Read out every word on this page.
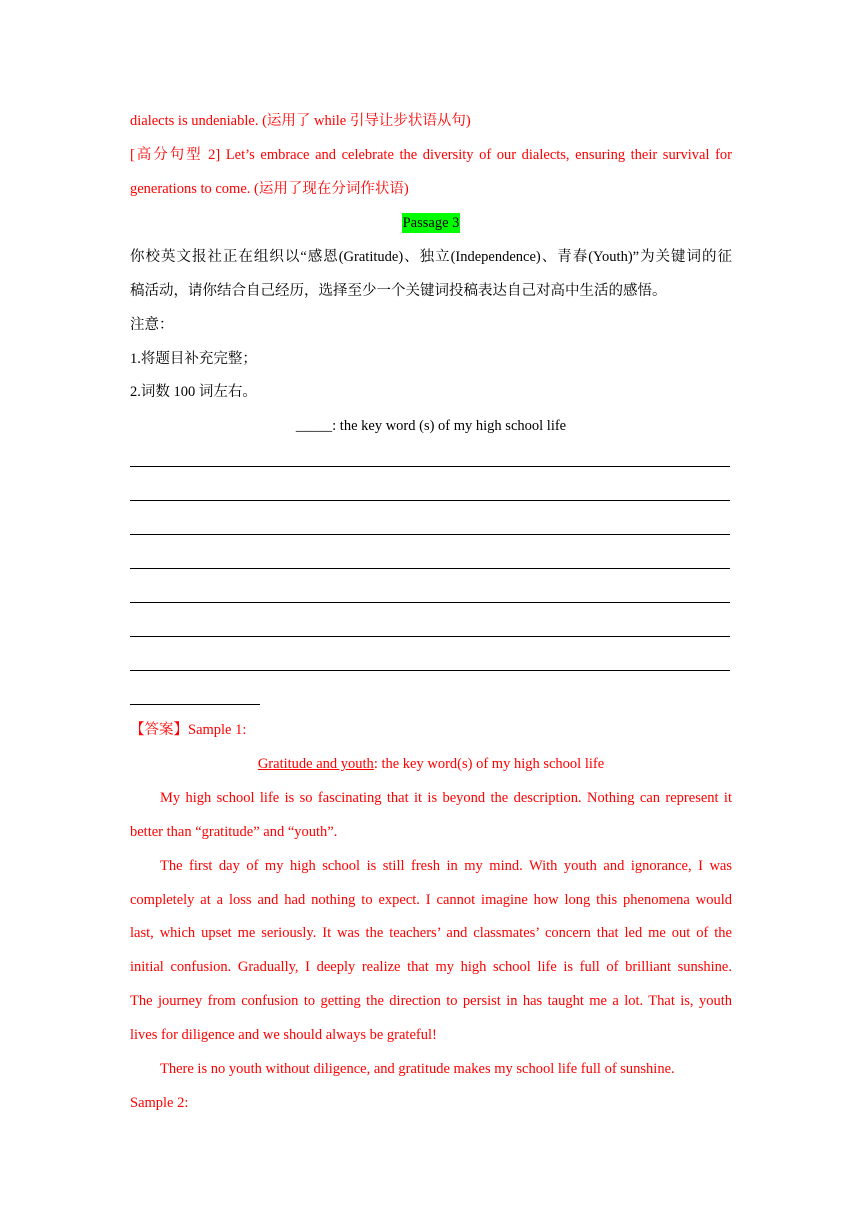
dialects is undeniable. (运用了 while 引导让步状语从句)
[高分句型 2] Let’s embrace and celebrate the diversity of our dialects, ensuring their survival for
generations to come. (运用了现在分词作状语)
Passage 3
你校英文报社正在组织以“感恩(Gratitude)、独立(Independence)、青春(Youth)”为关键词的征
稿活动，请你结合自己经历，选择至少一个关键词投稿表达自己对高中生活的感悟。
注意：
1.将题目补充完整；
2.词数 100 词左右。
_____: the key word (s) of my high school life
【答案】Sample 1:
Gratitude and youth: the key word(s) of my high school life
My high school life is so fascinating that it is beyond the description. Nothing can represent it
better than “gratitude” and “youth”.
The first day of my high school is still fresh in my mind. With youth and ignorance, I was
completely at a loss and had nothing to expect. I cannot imagine how long this phenomena would
last, which upset me seriously. It was the teachers’ and classmates’ concern that led me out of the
initial confusion. Gradually, I deeply realize that my high school life is full of brilliant sunshine.
The journey from confusion to getting the direction to persist in has taught me a lot. That is, youth
lives for diligence and we should always be grateful!
There is no youth without diligence, and gratitude makes my school life full of sunshine.
Sample 2:
